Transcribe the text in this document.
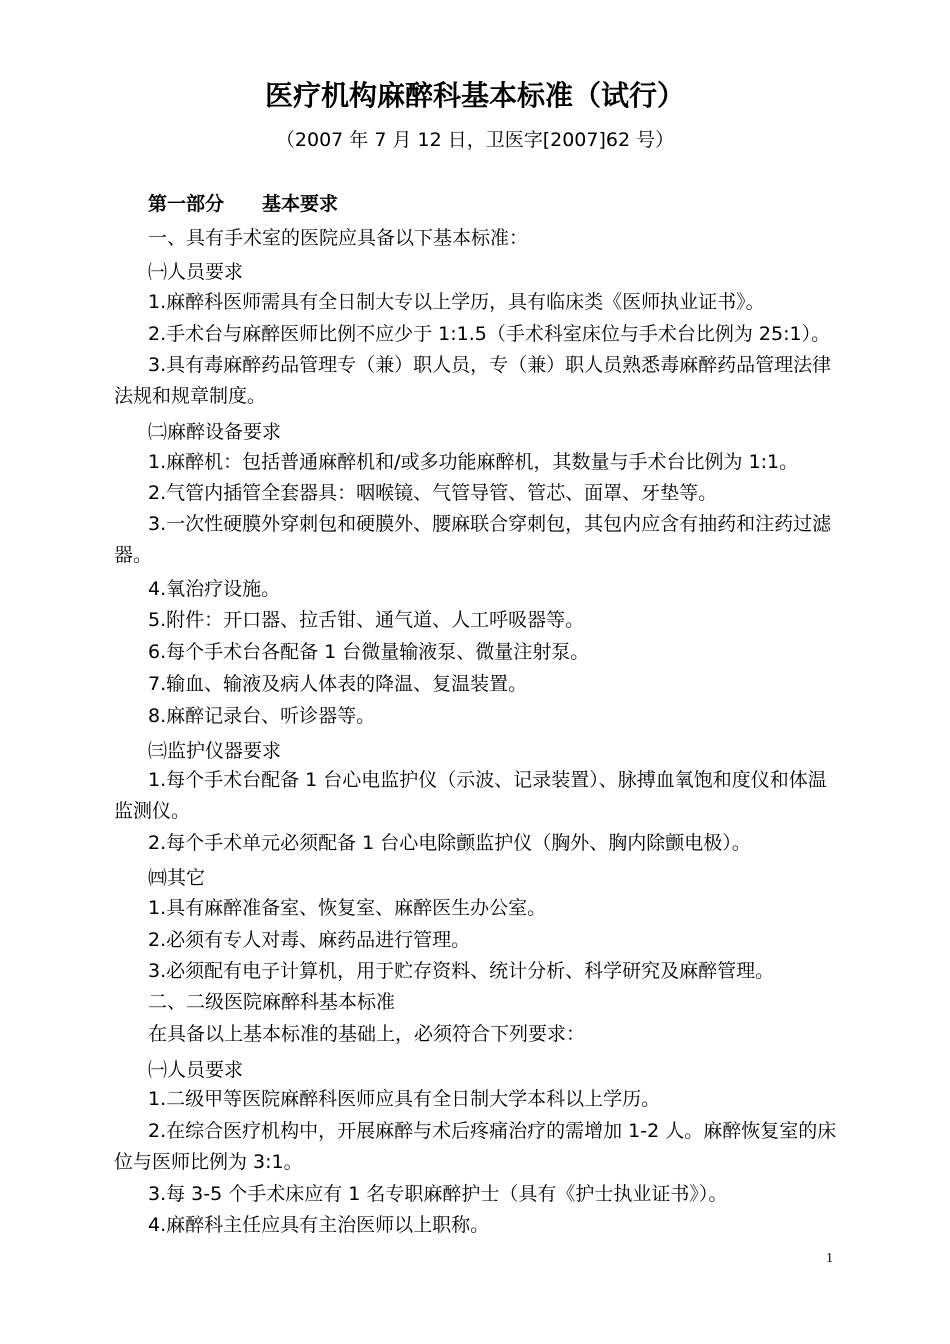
医疗机构麻醉科基本标准（试行）
（2007 年 7 月 12 日，卫医字[2007]62 号）
第一部分　　基本要求
一、具有手术室的医院应具备以下基本标准：
㈠人员要求
1.麻醉科医师需具有全日制大专以上学历，具有临床类《医师执业证书》。
2.手术台与麻醉医师比例不应少于 1:1.5（手术科室床位与手术台比例为 25:1）。
3.具有毒麻醉药品管理专（兼）职人员，专（兼）职人员熟悉毒麻醉药品管理法律
法规和规章制度。
㈡麻醉设备要求
1.麻醉机：包括普通麻醉机和/或多功能麻醉机，其数量与手术台比例为 1:1。
2.气管内插管全套器具：咽喉镜、气管导管、管芯、面罩、牙垫等。
3.一次性硬膜外穿刺包和硬膜外、腰麻联合穿刺包，其包内应含有抽药和注药过滤
器。
4.氧治疗设施。
5.附件：开口器、拉舌钳、通气道、人工呼吸器等。
6.每个手术台各配备 1 台微量输液泵、微量注射泵。
7.输血、输液及病人体表的降温、复温装置。
8.麻醉记录台、听诊器等。
㈢监护仪器要求
1.每个手术台配备 1 台心电监护仪（示波、记录装置）、脉搏血氧饱和度仪和体温
监测仪。
2.每个手术单元必须配备 1 台心电除颤监护仪（胸外、胸内除颤电极）。
㈣其它
1.具有麻醉准备室、恢复室、麻醉医生办公室。
2.必须有专人对毒、麻药品进行管理。
3.必须配有电子计算机，用于贮存资料、统计分析、科学研究及麻醉管理。
二、二级医院麻醉科基本标准
在具备以上基本标准的基础上，必须符合下列要求：
㈠人员要求
1.二级甲等医院麻醉科医师应具有全日制大学本科以上学历。
2.在综合医疗机构中，开展麻醉与术后疼痛治疗的需增加 1-2 人。麻醉恢复室的床
位与医师比例为 3:1。
3.每 3-5 个手术床应有 1 名专职麻醉护士（具有《护士执业证书》）。
4.麻醉科主任应具有主治医师以上职称。
1
